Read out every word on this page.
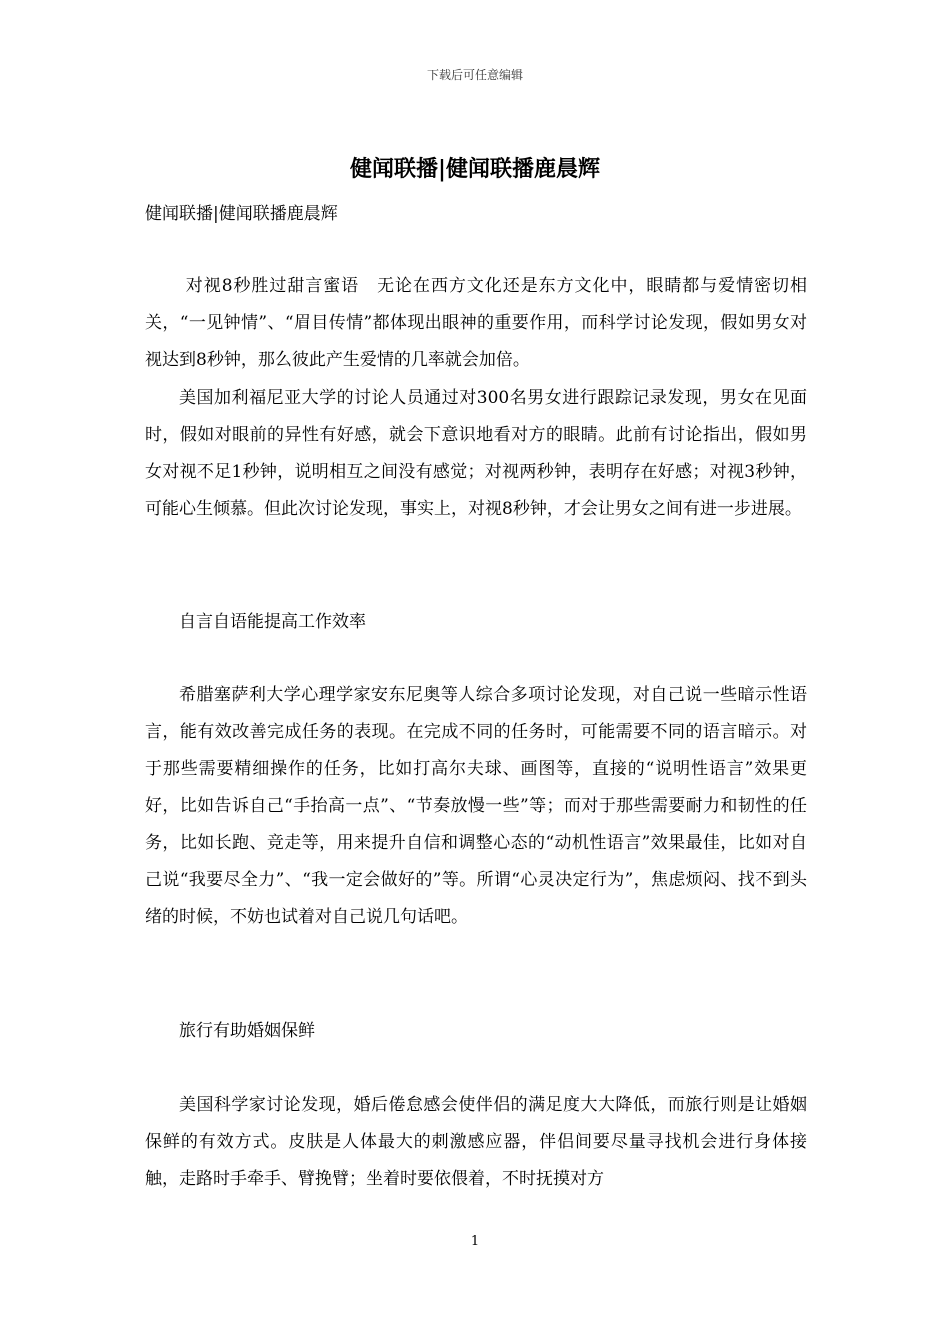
下载后可任意编辑
健闻联播|健闻联播鹿晨辉
健闻联播|健闻联播鹿晨辉

对视8秒胜过甜言蜜语　无论在西方文化还是东方文化中，眼睛都与爱情密切相关，“一见钟情”、“眉目传情”都体现出眼神的重要作用，而科学讨论发现，假如男女对视达到8秒钟，那么彼此产生爱情的几率就会加倍。

美国加利福尼亚大学的讨论人员通过对300名男女进行跟踪记录发现，男女在见面时，假如对眼前的异性有好感，就会下意识地看对方的眼睛。此前有讨论指出，假如男女对视不足1秒钟，说明相互之间没有感觉；对视两秒钟，表明存在好感；对视3秒钟，可能心生倾慕。但此次讨论发现，事实上，对视8秒钟，才会让男女之间有进一步进展。

自言自语能提高工作效率

希腊塞萨利大学心理学家安东尼奥等人综合多项讨论发现，对自己说一些暗示性语言，能有效改善完成任务的表现。在完成不同的任务时，可能需要不同的语言暗示。对于那些需要精细操作的任务，比如打高尔夫球、画图等，直接的“说明性语言”效果更好，比如告诉自己“手抬高一点”、“节奏放慢一些”等；而对于那些需要耐力和韧性的任务，比如长跑、竞走等，用来提升自信和调整心态的“动机性语言”效果最佳，比如对自己说“我要尽全力”、“我一定会做好的”等。所谓“心灵决定行为”，焦虑烦闷、找不到头绪的时候，不妨也试着对自己说几句话吧。

旅行有助婚姻保鲜

美国科学家讨论发现，婚后倦怠感会使伴侣的满足度大大降低，而旅行则是让婚姻保鲜的有效方式。皮肤是人体最大的刺激感应器，伴侣间要尽量寻找机会进行身体接触，走路时手牵手、臂挽臂；坐着时要依偎着，不时抚摸对方

1
